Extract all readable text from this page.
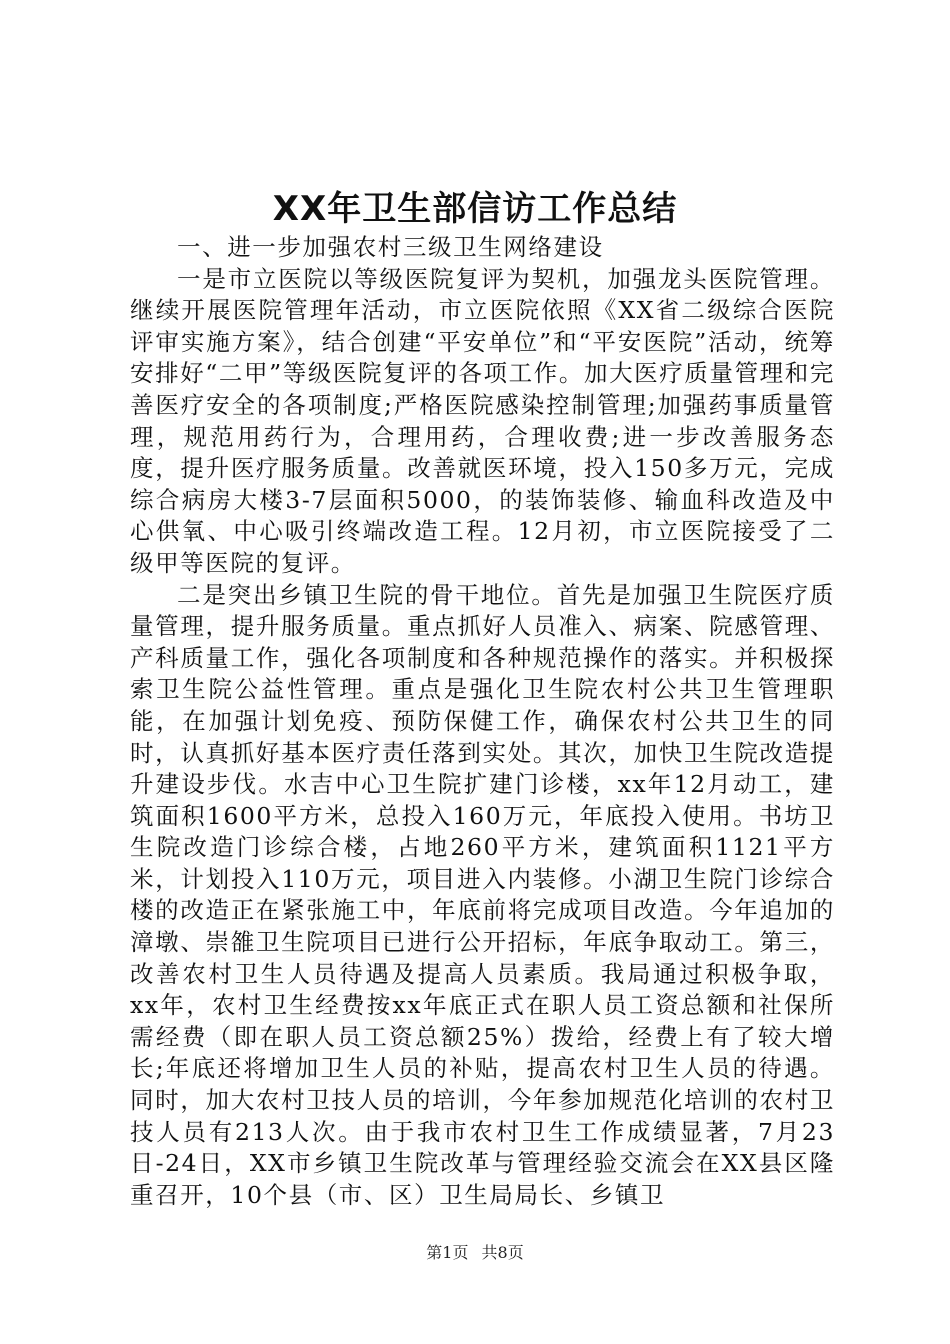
XX年卫生部信访工作总结

一、进一步加强农村三级卫生网络建设

一是市立医院以等级医院复评为契机，加强龙头医院管理。继续开展医院管理年活动，市立医院依照《XX省二级综合医院评审实施方案》，结合创建“平安单位”和“平安医院”活动，统筹安排好“二甲”等级医院复评的各项工作。加大医疗质量管理和完善医疗安全的各项制度;严格医院感染控制管理;加强药事质量管理，规范用药行为，合理用药，合理收费;进一步改善服务态度，提升医疗服务质量。改善就医环境，投入150多万元，完成综合病房大楼3-7层面积5000，的装饰装修、输血科改造及中心供氧、中心吸引终端改造工程。12月初，市立医院接受了二级甲等医院的复评。

二是突出乡镇卫生院的骨干地位。首先是加强卫生院医疗质量管理，提升服务质量。重点抓好人员准入、病案、院感管理、产科质量工作，强化各项制度和各种规范操作的落实。并积极探索卫生院公益性管理。重点是强化卫生院农村公共卫生管理职能，在加强计划免疫、预防保健工作，确保农村公共卫生的同时，认真抓好基本医疗责任落到实处。其次，加快卫生院改造提升建设步伐。水吉中心卫生院扩建门诊楼，xx年12月动工，建筑面积1600平方米，总投入160万元，年底投入使用。书坊卫生院改造门诊综合楼，占地260平方米，建筑面积1121平方米，计划投入110万元，项目进入内装修。小湖卫生院门诊综合楼的改造正在紧张施工中，年底前将完成项目改造。今年追加的漳墩、崇雒卫生院项目已进行公开招标，年底争取动工。第三，改善农村卫生人员待遇及提高人员素质。我局通过积极争取，xx年，农村卫生经费按xx年底正式在职人员工资总额和社保所需经费（即在职人员工资总额25%）拨给，经费上有了较大增长;年底还将增加卫生人员的补贴，提高农村卫生人员的待遇。同时，加大农村卫技人员的培训，今年参加规范化培训的农村卫技人员有213人次。由于我市农村卫生工作成绩显著，7月23日-24日，XX市乡镇卫生院改革与管理经验交流会在XX县区隆重召开，10个县（市、区）卫生局局长、乡镇卫

第1页 共8页
